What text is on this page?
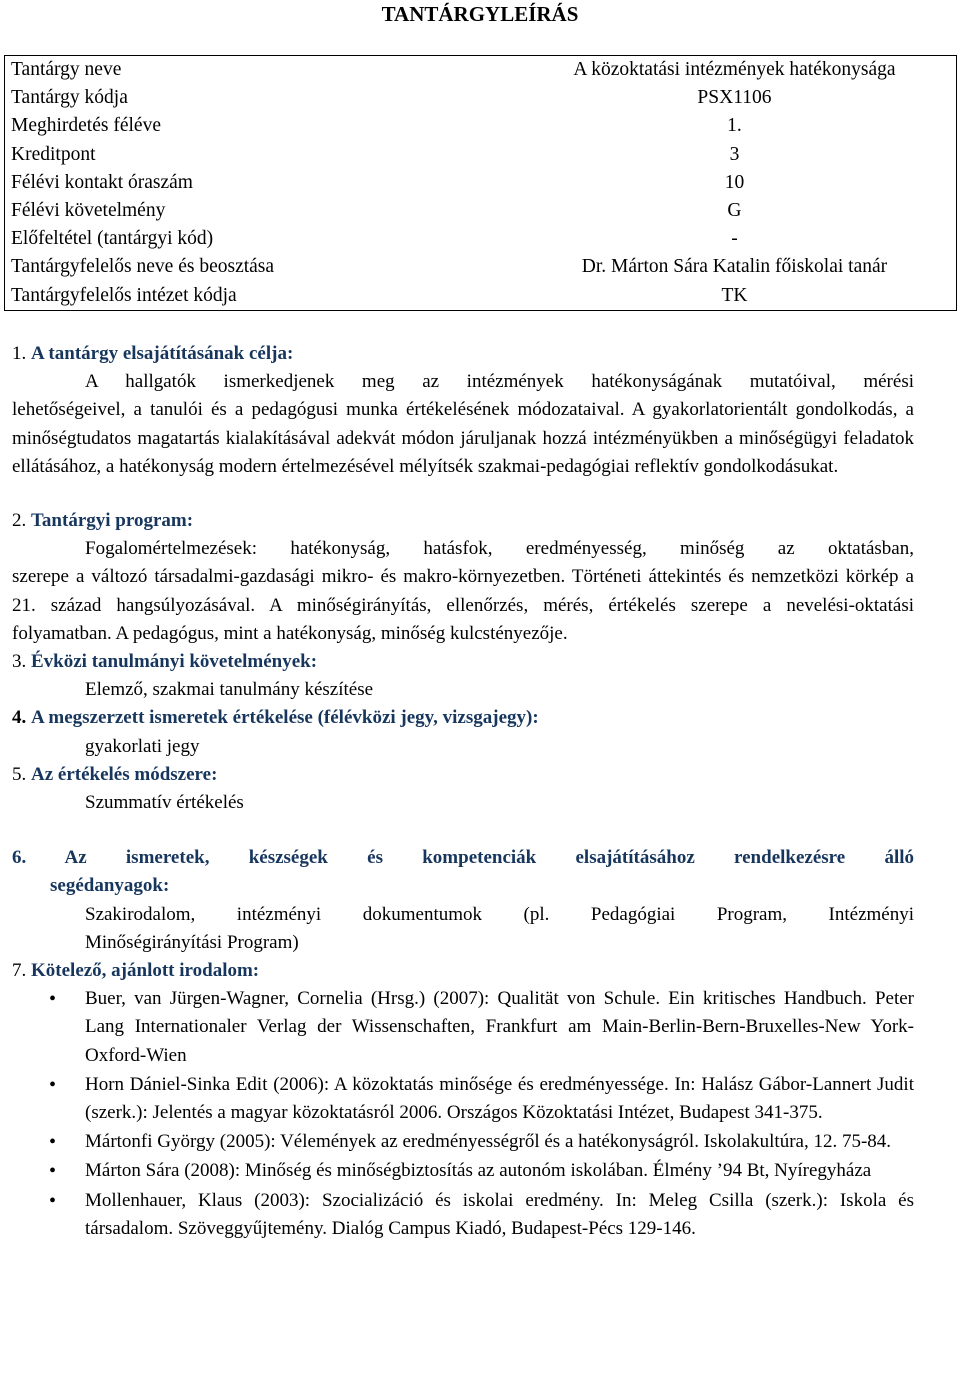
TANTÁRGYLEÍRÁS
Tantárgy neve	A közoktatási intézmények hatékonysága
Tantárgy kódja	PSX1106
Meghirdetés féléve	1.
Kreditpont	3
Félévi kontakt óraszám	10
Félévi követelmény	G
Előfeltétel (tantárgyi kód)	-
Tantárgyfelelős neve és beosztása	Dr. Márton Sára Katalin főiskolai tanár
Tantárgyfelelős intézet kódja	TK
1. A tantárgy elsajátításának célja:

A hallgatók ismerkedjenek meg az intézmények hatékonyságának mutatóival, mérési
lehetőségeivel, a tanulói és a pedagógusi munka értékelésének módozataival. A gyakorlatorientált gondolkodás, a minőségtudatos magatartás kialakításával adekvát módon járuljanak hozzá intézményükben a minőségügyi feladatok ellátásához, a hatékonyság modern értelmezésével mélyítsék szakmai-pedagógiai reflektív gondolkodásukat.

2. Tantárgyi program:

Fogalomértelmezések: hatékonyság, hatásfok, eredményesség, minőség az oktatásban,
szerepe a változó társadalmi-gazdasági mikro- és makro-környezetben. Történeti áttekintés és nemzetközi körkép a 21. század hangsúlyozásával. A minőségirányítás, ellenőrzés, mérés, értékelés szerepe a nevelési-oktatási folyamatban. A pedagógus, mint a hatékonyság, minőség kulcstényezője.

3. Évközi tanulmányi követelmények:

Elemző, szakmai tanulmány készítése

4. A megszerzett ismeretek értékelése (félévközi jegy, vizsgajegy):

gyakorlati jegy

5. Az értékelés módszere:

Szummatív értékelés

6. Az ismeretek, készségek és kompetenciák elsajátításához rendelkezésre álló
segédanyagok:

Szakirodalom, intézményi dokumentumok (pl. Pedagógiai Program, Intézményi

Minőségirányítási Program)

7. Kötelező, ajánlott irodalom:
• Buer, van Jürgen-Wagner, Cornelia (Hrsg.) (2007): Qualität von Schule. Ein kritisches Handbuch. Peter Lang Internationaler Verlag der Wissenschaften, Frankfurt am Main-Berlin-Bern-Bruxelles-New York-Oxford-Wien
• Horn Dániel-Sinka Edit (2006): A közoktatás minősége és eredményessége. In: Halász Gábor-Lannert Judit (szerk.): Jelentés a magyar közoktatásról 2006. Országos Közoktatási Intézet, Budapest 341-375.
• Mártonfi György (2005): Vélemények az eredményességről és a hatékonyságról. Iskolakultúra, 12. 75-84.
• Márton Sára (2008): Minőség és minőségbiztosítás az autonóm iskolában. Élmény ’94 Bt, Nyíregyháza
• Mollenhauer, Klaus (2003): Szocializáció és iskolai eredmény. In: Meleg Csilla (szerk.): Iskola és társadalom. Szöveggyűjtemény. Dialóg Campus Kiadó, Budapest-Pécs 129-146.
